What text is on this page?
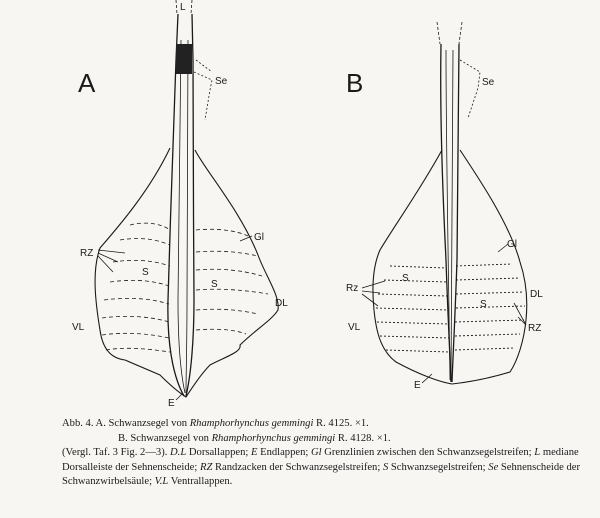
A	B
L
Se
Gl
RZ
S
S
DL
VL
E
Se
Gl
Rz
S
S
DL
RZ
VL
E

Abb. 4. A. Schwanzsegel von Rhamphorhynchus gemmingi R. 4125. ×1.

B. Schwanzsegel von Rhamphorhynchus gemmingi R. 4128. ×1.

(Vergl. Taf. 3 Fig. 2—3). D.L Dorsallappen; E Endlappen; Gl Grenzlinien zwischen den Schwanzsegelstreifen; L mediane Dorsalleiste der Sehnenscheide; RZ Randzacken der Schwanzsegelstreifen; S Schwanzsegelstreifen; Se Sehnenscheide der Schwanzwirbelsäule; V.L Ventrallappen.
